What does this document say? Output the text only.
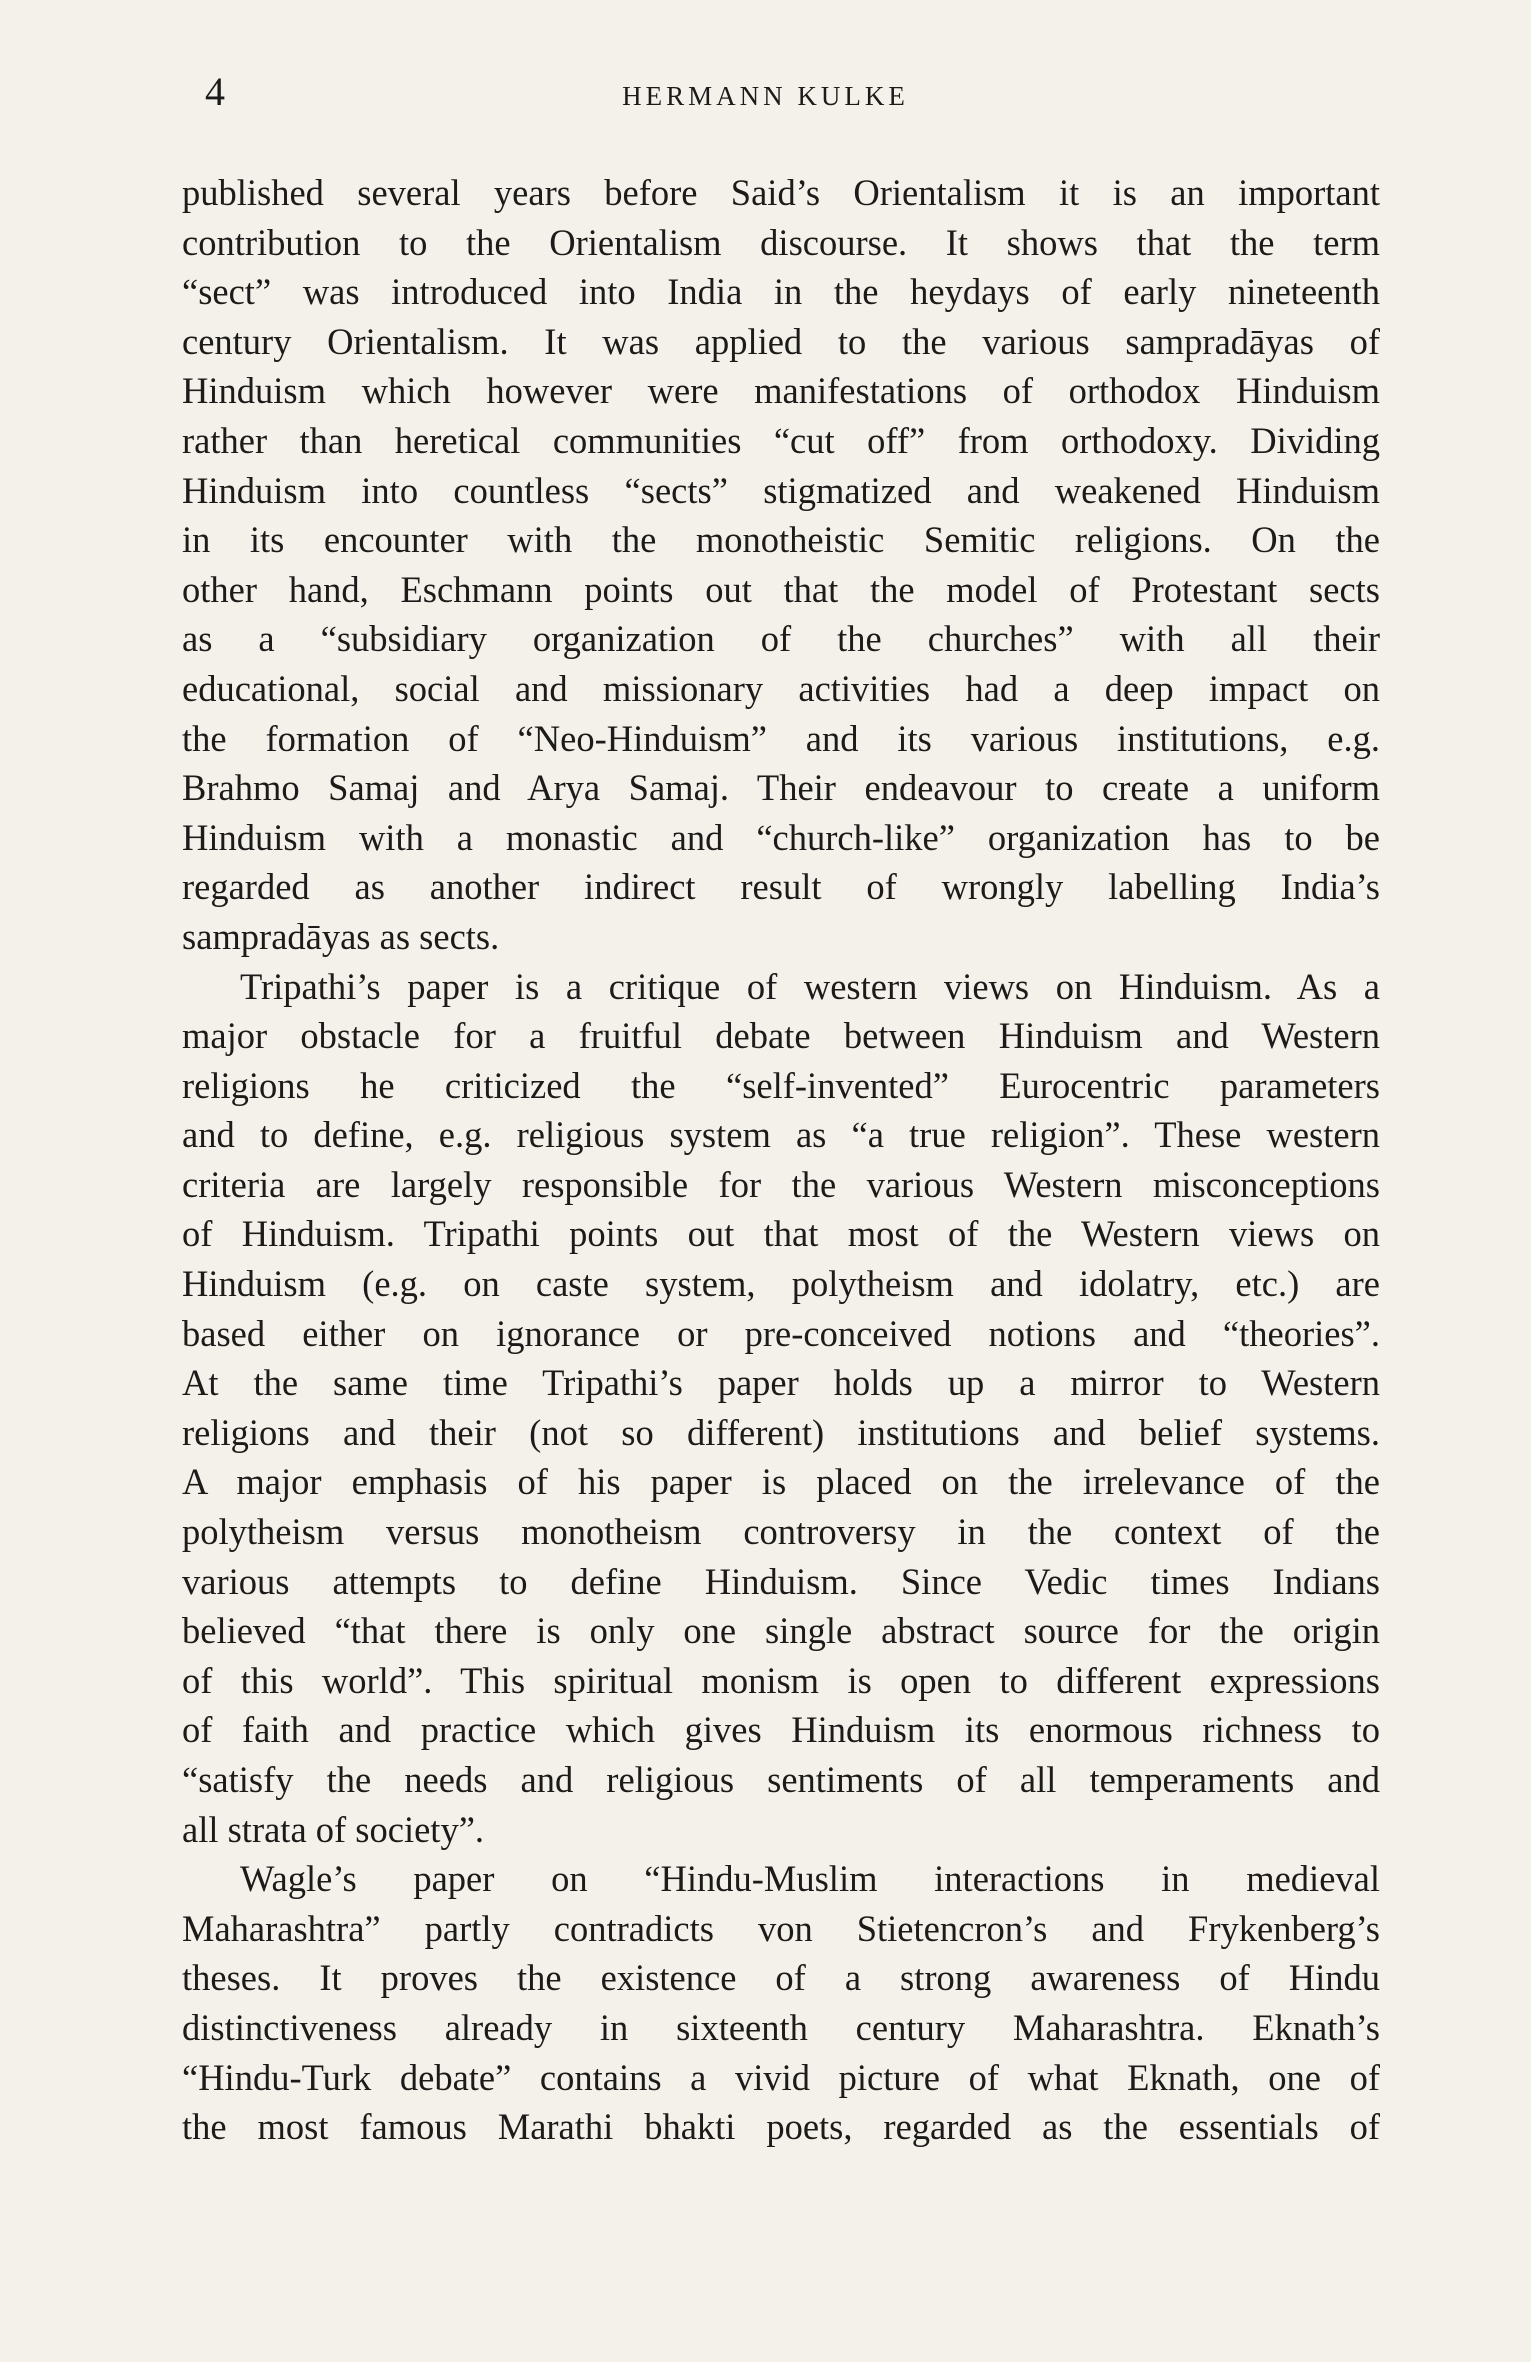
4	HERMANN KULKE
published several years before Said’s Orientalism it is an important
contribution to the Orientalism discourse. It shows that the term
“sect” was introduced into India in the heydays of early nineteenth
century Orientalism. It was applied to the various sampradāyas of
Hinduism which however were manifestations of orthodox Hinduism
rather than heretical communities “cut off” from orthodoxy. Dividing
Hinduism into countless “sects” stigmatized and weakened Hinduism
in its encounter with the monotheistic Semitic religions. On the
other hand, Eschmann points out that the model of Protestant sects
as a “subsidiary organization of the churches” with all their
educational, social and missionary activities had a deep impact on
the formation of “Neo-Hinduism” and its various institutions, e.g.
Brahmo Samaj and Arya Samaj. Their endeavour to create a uniform
Hinduism with a monastic and “church-like” organization has to be
regarded as another indirect result of wrongly labelling India’s
sampradāyas as sects.
Tripathi’s paper is a critique of western views on Hinduism. As a
major obstacle for a fruitful debate between Hinduism and Western
religions he criticized the “self-invented” Eurocentric parameters
and to define, e.g. religious system as “a true religion”. These western
criteria are largely responsible for the various Western misconceptions
of Hinduism. Tripathi points out that most of the Western views on
Hinduism (e.g. on caste system, polytheism and idolatry, etc.) are
based either on ignorance or pre-conceived notions and “theories”.
At the same time Tripathi’s paper holds up a mirror to Western
religions and their (not so different) institutions and belief systems.
A major emphasis of his paper is placed on the irrelevance of the
polytheism versus monotheism controversy in the context of the
various attempts to define Hinduism. Since Vedic times Indians
believed “that there is only one single abstract source for the origin
of this world”. This spiritual monism is open to different expressions
of faith and practice which gives Hinduism its enormous richness to
“satisfy the needs and religious sentiments of all temperaments and
all strata of society”.
Wagle’s paper on “Hindu-Muslim interactions in medieval
Maharashtra” partly contradicts von Stietencron’s and Frykenberg’s
theses. It proves the existence of a strong awareness of Hindu
distinctiveness already in sixteenth century Maharashtra. Eknath’s
“Hindu-Turk debate” contains a vivid picture of what Eknath, one of
the most famous Marathi bhakti poets, regarded as the essentials of
